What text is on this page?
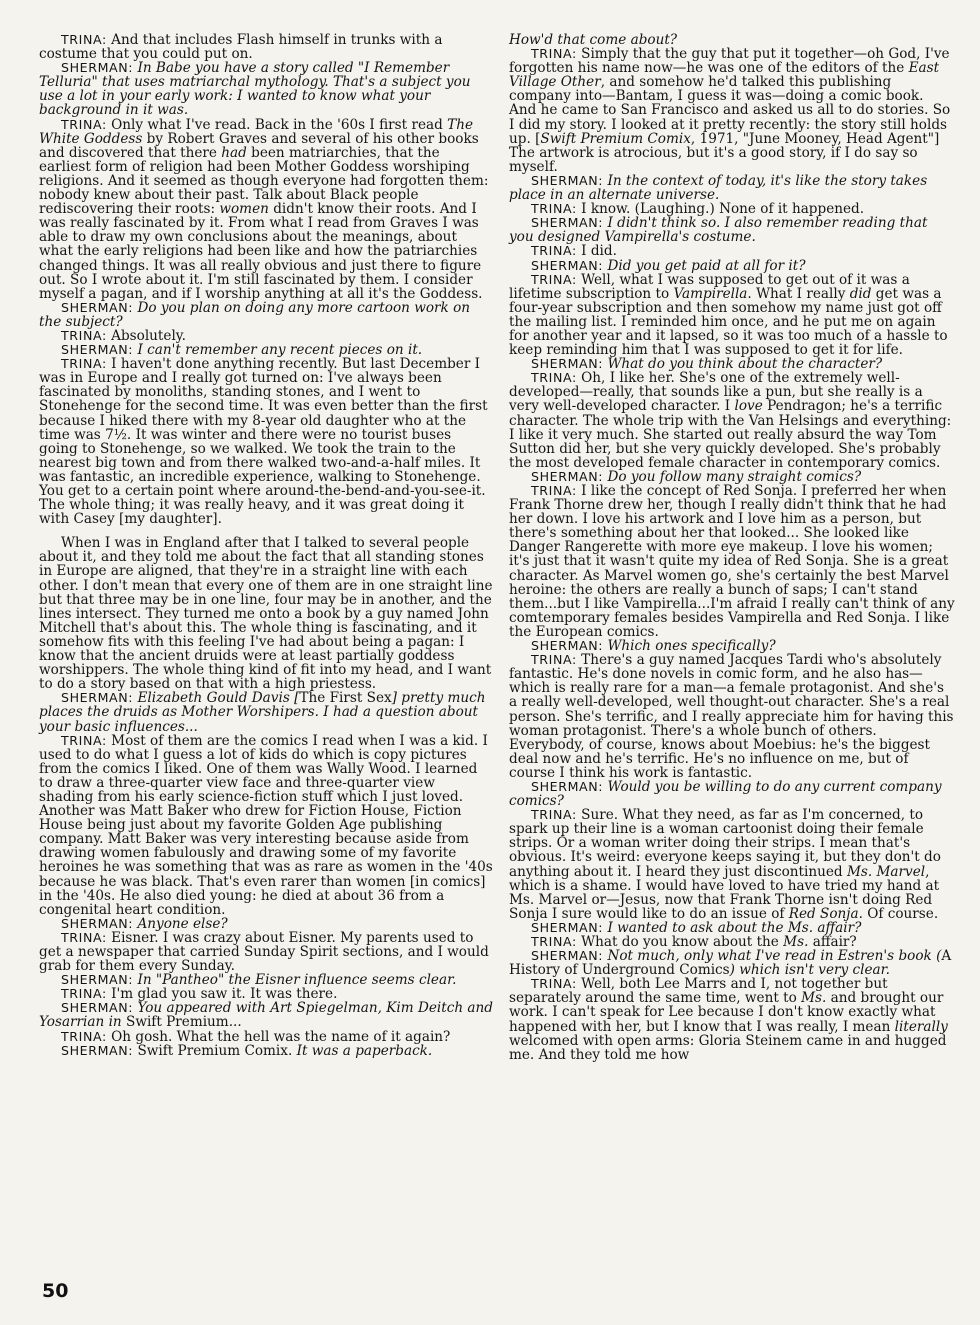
TRINA: And that includes Flash himself in trunks with a costume that you could put on.

SHERMAN: In Babe you have a story called "I Remember Telluria" that uses matriarchal mythology. That's a subject you use a lot in your early work: I wanted to know what your background in it was.

TRINA: Only what I've read. Back in the '60s I first read The White Goddess by Robert Graves and several of his other books and discovered that there had been matriarchies, that the earliest form of religion had been Mother Goddess worshiping religions. And it seemed as though everyone had forgotten them: nobody knew about their past. Talk about Black people rediscovering their roots: women didn't know their roots. And I was really fascinated by it. From what I read from Graves I was able to draw my own conclusions about the meanings, about what the early religions had been like and how the patriarchies changed things. It was all really obvious and just there to figure out. So I wrote about it. I'm still fascinated by them. I consider myself a pagan, and if I worship anything at all it's the Goddess.

SHERMAN: Do you plan on doing any more cartoon work on the subject?

TRINA: Absolutely.

SHERMAN: I can't remember any recent pieces on it.

TRINA: I haven't done anything recently. But last December I was in Europe and I really got turned on: I've always been fascinated by monoliths, standing stones, and I went to Stonehenge for the second time. It was even better than the first because I hiked there with my 8-year old daughter who at the time was 7½. It was winter and there were no tourist buses going to Stonehenge, so we walked. We took the train to the nearest big town and from there walked two-and-a-half miles. It was fantastic, an incredible experience, walking to Stonehenge. You get to a certain point where around-the-bend-and-you-see-it. The whole thing; it was really heavy, and it was great doing it with Casey [my daughter].

When I was in England after that I talked to several people about it, and they told me about the fact that all standing stones in Europe are aligned, that they're in a straight line with each other. I don't mean that every one of them are in one straight line but that three may be in one line, four may be in another, and the lines intersect. They turned me onto a book by a guy named John Mitchell that's about this. The whole thing is fascinating, and it somehow fits with this feeling I've had about being a pagan: I know that the ancient druids were at least partially goddess worshippers. The whole thing kind of fit into my head, and I want to do a story based on that with a high priestess.

SHERMAN: Elizabeth Gould Davis [The First Sex] pretty much places the druids as Mother Worshipers. I had a question about your basic influences...

TRINA: Most of them are the comics I read when I was a kid. I used to do what I guess a lot of kids do which is copy pictures from the comics I liked. One of them was Wally Wood. I learned to draw a three-quarter view face and three-quarter view shading from his early science-fiction stuff which I just loved. Another was Matt Baker who drew for Fiction House, Fiction House being just about my favorite Golden Age publishing company. Matt Baker was very interesting because aside from drawing women fabulously and drawing some of my favorite heroines he was something that was as rare as women in the '40s because he was black. That's even rarer than women [in comics] in the '40s. He also died young: he died at about 36 from a congenital heart condition.

SHERMAN: Anyone else?

TRINA: Eisner. I was crazy about Eisner. My parents used to get a newspaper that carried Sunday Spirit sections, and I would grab for them every Sunday.

SHERMAN: In "Pantheo" the Eisner influence seems clear.

TRINA: I'm glad you saw it. It was there.

SHERMAN: You appeared with Art Spiegelman, Kim Deitch and Yosarrian in Swift Premium...

TRINA: Oh gosh. What the hell was the name of it again?

SHERMAN: Swift Premium Comix. It was a paperback.

How'd that come about?

TRINA: Simply that the guy that put it together—oh God, I've forgotten his name now—he was one of the editors of the East Village Other, and somehow he'd talked this publishing company into—Bantam, I guess it was—doing a comic book. And he came to San Francisco and asked us all to do stories. So I did my story. I looked at it pretty recently: the story still holds up. [Swift Premium Comix, 1971, "June Mooney, Head Agent"] The artwork is atrocious, but it's a good story, if I do say so myself.

SHERMAN: In the context of today, it's like the story takes place in an alternate universe.

TRINA: I know. (Laughing.) None of it happened.

SHERMAN: I didn't think so. I also remember reading that you designed Vampirella's costume.

TRINA: I did.

SHERMAN: Did you get paid at all for it?

TRINA: Well, what I was supposed to get out of it was a lifetime subscription to Vampirella. What I really did get was a four-year subscription and then somehow my name just got off the mailing list. I reminded him once, and he put me on again for another year and it lapsed, so it was too much of a hassle to keep reminding him that I was supposed to get it for life.

SHERMAN: What do you think about the character?

TRINA: Oh, I like her. She's one of the extremely well-developed—really, that sounds like a pun, but she really is a very well-developed character. I love Pendragon; he's a terrific character. The whole trip with the Van Helsings and everything: I like it very much. She started out really absurd the way Tom Sutton did her, but she very quickly developed. She's probably the most developed female character in contemporary comics.

SHERMAN: Do you follow many straight comics?

TRINA: I like the concept of Red Sonja. I preferred her when Frank Thorne drew her, though I really didn't think that he had her down. I love his artwork and I love him as a person, but there's something about her that looked... She looked like Danger Rangerette with more eye makeup. I love his women; it's just that it wasn't quite my idea of Red Sonja. She is a great character. As Marvel women go, she's certainly the best Marvel heroine: the others are really a bunch of saps; I can't stand them...but I like Vampirella...I'm afraid I really can't think of any comtemporary females besides Vampirella and Red Sonja. I like the European comics.

SHERMAN: Which ones specifically?

TRINA: There's a guy named Jacques Tardi who's absolutely fantastic. He's done novels in comic form, and he also has—which is really rare for a man—a female protagonist. And she's a really well-developed, well thought-out character. She's a real person. She's terrific, and I really appreciate him for having this woman protagonist. There's a whole bunch of others. Everybody, of course, knows about Moebius: he's the biggest deal now and he's terrific. He's no influence on me, but of course I think his work is fantastic.

SHERMAN: Would you be willing to do any current company comics?

TRINA: Sure. What they need, as far as I'm concerned, to spark up their line is a woman cartoonist doing their female strips. Or a woman writer doing their strips. I mean that's obvious. It's weird: everyone keeps saying it, but they don't do anything about it. I heard they just discontinued Ms. Marvel, which is a shame. I would have loved to have tried my hand at Ms. Marvel or—Jesus, now that Frank Thorne isn't doing Red Sonja I sure would like to do an issue of Red Sonja. Of course.

SHERMAN: I wanted to ask about the Ms. affair?

TRINA: What do you know about the Ms. affair?

SHERMAN: Not much, only what I've read in Estren's book (A History of Underground Comics) which isn't very clear.

TRINA: Well, both Lee Marrs and I, not together but separately around the same time, went to Ms. and brought our work. I can't speak for Lee because I don't know exactly what happened with her, but I know that I was really, I mean literally welcomed with open arms: Gloria Steinem came in and hugged me. And they told me how

50
